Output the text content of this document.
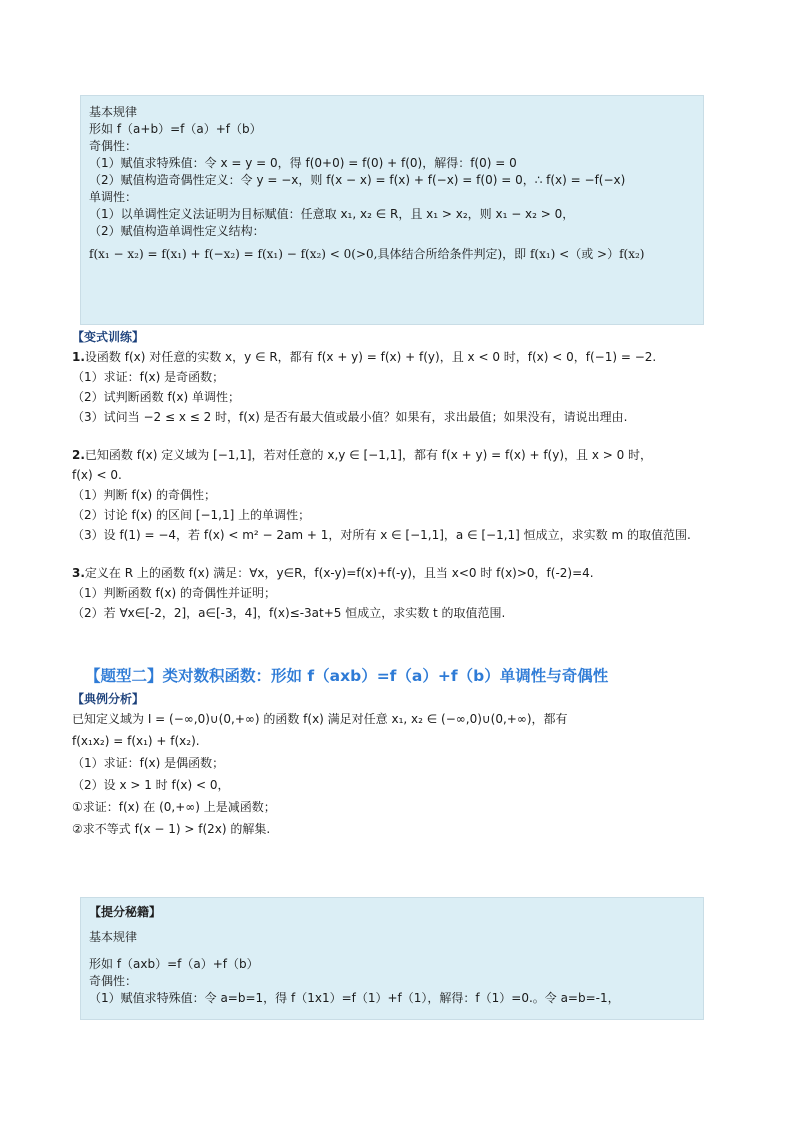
基本规律
形如 f（a+b）=f（a）+f（b）
奇偶性：
（1）赋值求特殊值：令 x = y = 0，得 f(0+0) = f(0) + f(0)，解得：f(0) = 0
（2）赋值构造奇偶性定义：令 y = −x，则 f(x − x) = f(x) + f(−x) = f(0) = 0，∴ f(x) = −f(−x)
单调性：
（1）以单调性定义法证明为目标赋值：任意取 x₁, x₂ ∈ R，且 x₁ > x₂，则 x₁ − x₂ > 0，
（2）赋值构造单调性定义结构：
f(x₁ − x₂) = f(x₁) + f(−x₂) = f(x₁) − f(x₂) < 0(>0,具体结合所给条件判定)，即 f(x₁) <（或 >）f(x₂)
【变式训练】
1.设函数 f(x) 对任意的实数 x，y ∈ R，都有 f(x + y) = f(x) + f(y)，且 x < 0 时，f(x) < 0，f(−1) = −2.
（1）求证：f(x) 是奇函数；
（2）试判断函数 f(x) 单调性；
（3）试问当 −2 ≤ x ≤ 2 时，f(x) 是否有最大值或最小值？如果有，求出最值；如果没有，请说出理由.
2.已知函数 f(x) 定义域为 [−1,1]，若对任意的 x,y ∈ [−1,1]，都有 f(x + y) = f(x) + f(y)，且 x > 0 时，
f(x) < 0.
（1）判断 f(x) 的奇偶性；
（2）讨论 f(x) 的区间 [−1,1] 上的单调性；
（3）设 f(1) = −4，若 f(x) < m² − 2am + 1，对所有 x ∈ [−1,1]，a ∈ [−1,1] 恒成立，求实数 m 的取值范围.
3.定义在 R 上的函数 f(x) 满足：∀x，y∈R，f(x-y)=f(x)+f(-y)，且当 x<0 时 f(x)>0，f(-2)=4.
（1）判断函数 f(x) 的奇偶性并证明；
（2）若 ∀x∈[-2，2]，a∈[-3，4]，f(x)≤-3at+5 恒成立，求实数 t 的取值范围.
【题型二】类对数积函数：形如 f（axb）=f（a）+f（b）单调性与奇偶性
【典例分析】
已知定义域为 I = (−∞,0)∪(0,+∞) 的函数 f(x) 满足对任意 x₁, x₂ ∈ (−∞,0)∪(0,+∞)，都有
f(x₁x₂) = f(x₁) + f(x₂).
（1）求证：f(x) 是偶函数；
（2）设 x > 1 时 f(x) < 0，
①求证：f(x) 在 (0,+∞) 上是减函数；
②求不等式 f(x − 1) > f(2x) 的解集.
【提分秘籍】
基本规律
形如 f（axb）=f（a）+f（b）
奇偶性：
（1）赋值求特殊值：令 a=b=1，得 f（1x1）=f（1）+f（1），解得：f（1）=0.。令 a=b=-1，
